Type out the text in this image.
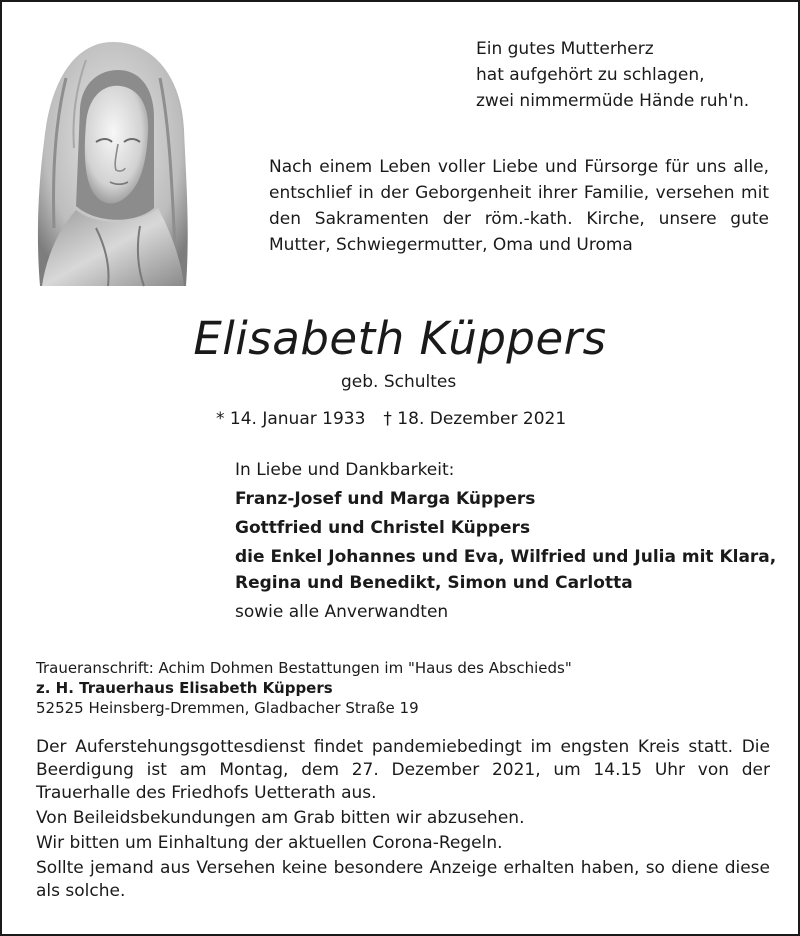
Ein gutes Mutterherz
hat aufgehört zu schlagen,
zwei nimmermüde Hände ruh'n.
Nach einem Leben voller Liebe und Fürsorge für uns alle, entschlief in der Geborgenheit ihrer Familie, versehen mit den Sakramenten der röm.-kath. Kirche, unsere gute Mutter, Schwiegermutter, Oma und Uroma
Elisabeth Küppers
geb. Schultes
* 14. Januar 1933 † 18. Dezember 2021
In Liebe und Dankbarkeit:
Franz-Josef und Marga Küppers
Gottfried und Christel Küppers
die Enkel Johannes und Eva, Wilfried und Julia mit Klara,
Regina und Benedikt, Simon und Carlotta
sowie alle Anverwandten
Traueranschrift: Achim Dohmen Bestattungen im "Haus des Abschieds"
z. H. Trauerhaus Elisabeth Küppers
52525 Heinsberg-Dremmen, Gladbacher Straße 19

Der Auferstehungsgottesdienst findet pandemiebedingt im engsten Kreis statt. Die Beerdigung ist am Montag, dem 27. Dezember 2021, um 14.15 Uhr von der Trauerhalle des Friedhofs Uetterath aus.

Von Beileidsbekundungen am Grab bitten wir abzusehen.

Wir bitten um Einhaltung der aktuellen Corona-Regeln.

Sollte jemand aus Versehen keine besondere Anzeige erhalten haben, so diene diese als solche.
